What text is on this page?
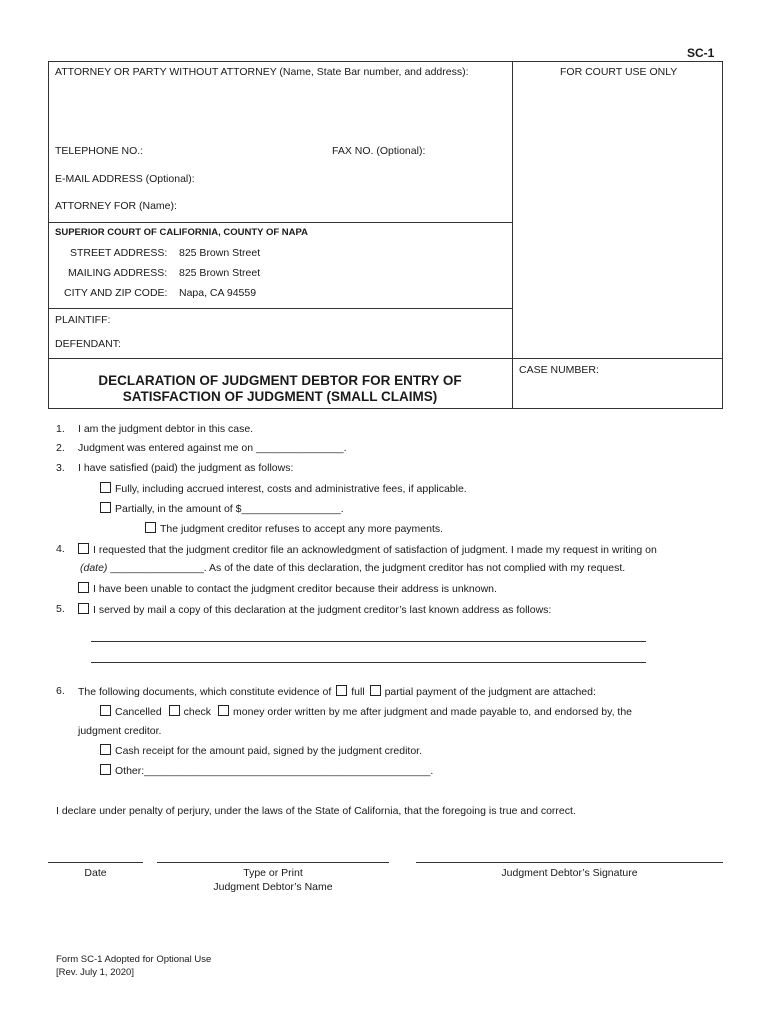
SC-1
ATTORNEY OR PARTY WITHOUT ATTORNEY (Name, State Bar number, and address):	FOR COURT USE ONLY
TELEPHONE NO.:	FAX NO. (Optional):
E-MAIL ADDRESS (Optional):
ATTORNEY FOR (Name):
SUPERIOR COURT OF CALIFORNIA, COUNTY OF NAPA
STREET ADDRESS: 825 Brown Street
MAILING ADDRESS: 825 Brown Street
CITY AND ZIP CODE: Napa, CA 94559
PLAINTIFF:
DEFENDANT:
DECLARATION OF JUDGMENT DEBTOR FOR ENTRY OF
SATISFACTION OF JUDGMENT (SMALL CLAIMS)
CASE NUMBER:
1. I am the judgment debtor in this case.
2. Judgment was entered against me on _______________.
3. I have satisfied (paid) the judgment as follows:
Fully, including accrued interest, costs and administrative fees, if applicable.
Partially, in the amount of $_________________.
The judgment creditor refuses to accept any more payments.
4.	I requested that the judgment creditor file an acknowledgment of satisfaction of judgment. I made my request in writing on
(date) ________________. As of the date of this declaration, the judgment creditor has not complied with my request.
I have been unable to contact the judgment creditor because their address is unknown.
5.	I served by mail a copy of this declaration at the judgment creditor’s last known address as follows:
6. The following documents, which constitute evidence of full partial payment of the judgment are attached:
Cancelled check money order written by me after judgment and made payable to, and endorsed by, the
judgment creditor.
Cash receipt for the amount paid, signed by the judgment creditor.
Other:_________________________________________________.
I declare under penalty of perjury, under the laws of the State of California, that the foregoing is true and correct.
Date	Type or Print
Judgment Debtor’s Name
Judgment Debtor’s Signature
Form SC-1 Adopted for Optional Use
[Rev. July 1, 2020]
